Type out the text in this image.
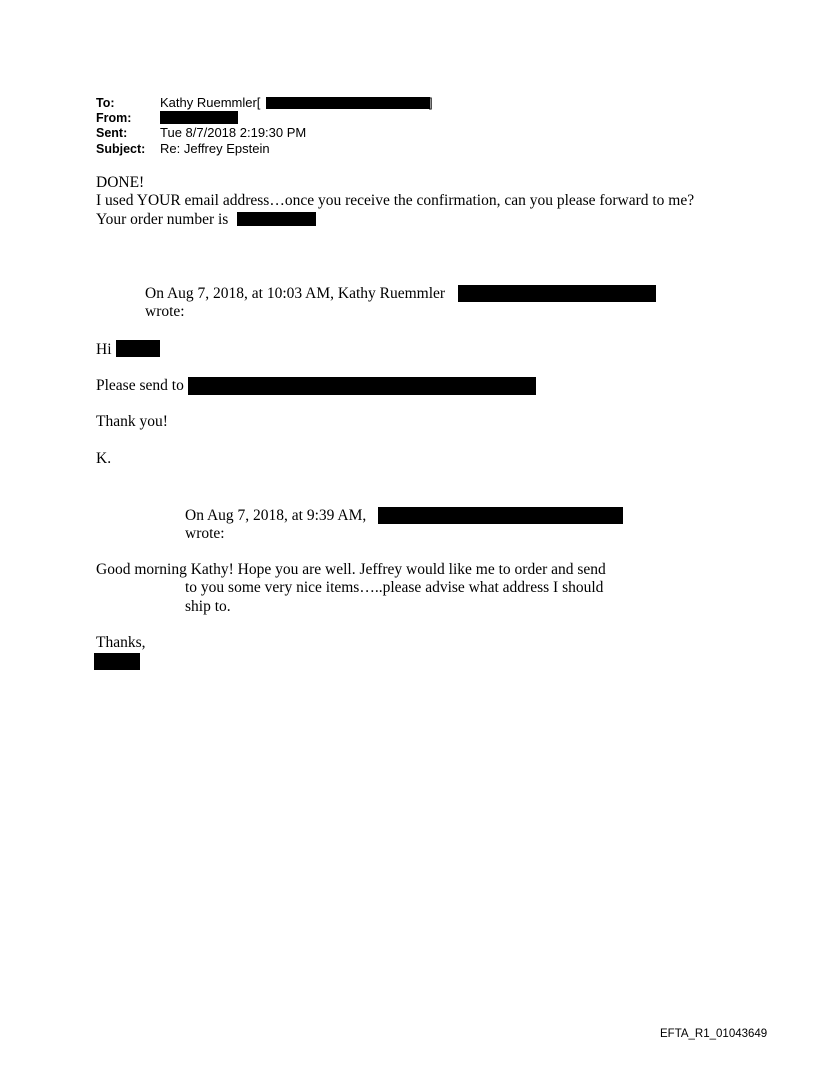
To:	Kathy Ruemmler[	]
From:
Sent:	Tue 8/7/2018 2:19:30 PM
Subject: Re: Jeffrey Epstein
DONE!
I used YOUR email address…once you receive the confirmation, can you please forward to me?
Your order number is
On Aug 7, 2018, at 10:03 AM, Kathy Ruemmler
wrote:
Hi
Please send to
Thank you!
K.
On Aug 7, 2018, at 9:39 AM,
wrote:
Good morning Kathy! Hope you are well. Jeffrey would like me to order and send
to you some very nice items…..please advise what address I should
ship to.
Thanks,
EFTA_R1_01043649
